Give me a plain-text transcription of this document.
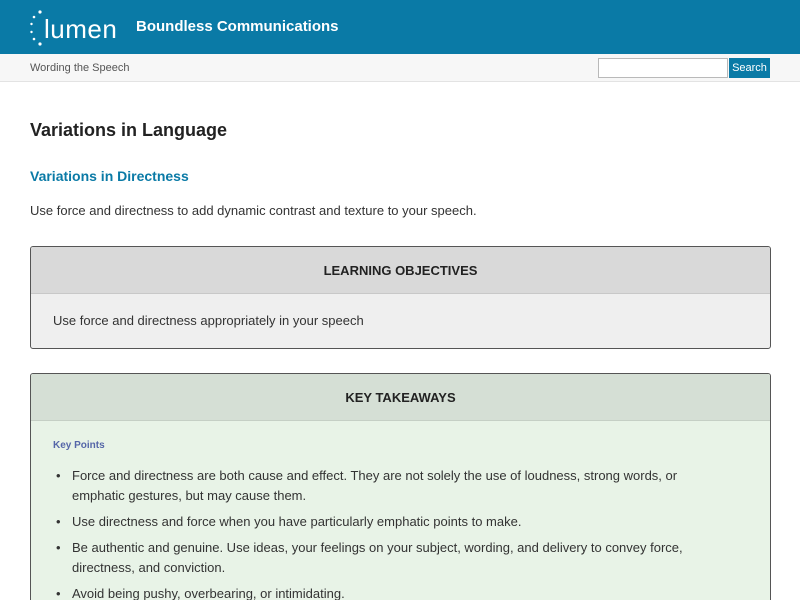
lumen Boundless Communications
Wording the Speech	Search
Variations in Language
Variations in Directness

Use force and directness to add dynamic contrast and texture to your speech.

LEARNING OBJECTIVES
Use force and directness appropriately in your speech
KEY TAKEAWAYS
Key Points
• Force and directness are both cause and effect. They are not solely the use of loudness, strong words, or emphatic gestures, but may cause them.
• Use directness and force when you have particularly emphatic points to make.
• Be authentic and genuine. Use ideas, your feelings on your subject, wording, and delivery to convey force, directness, and conviction.
• Avoid being pushy, overbearing, or intimidating.
